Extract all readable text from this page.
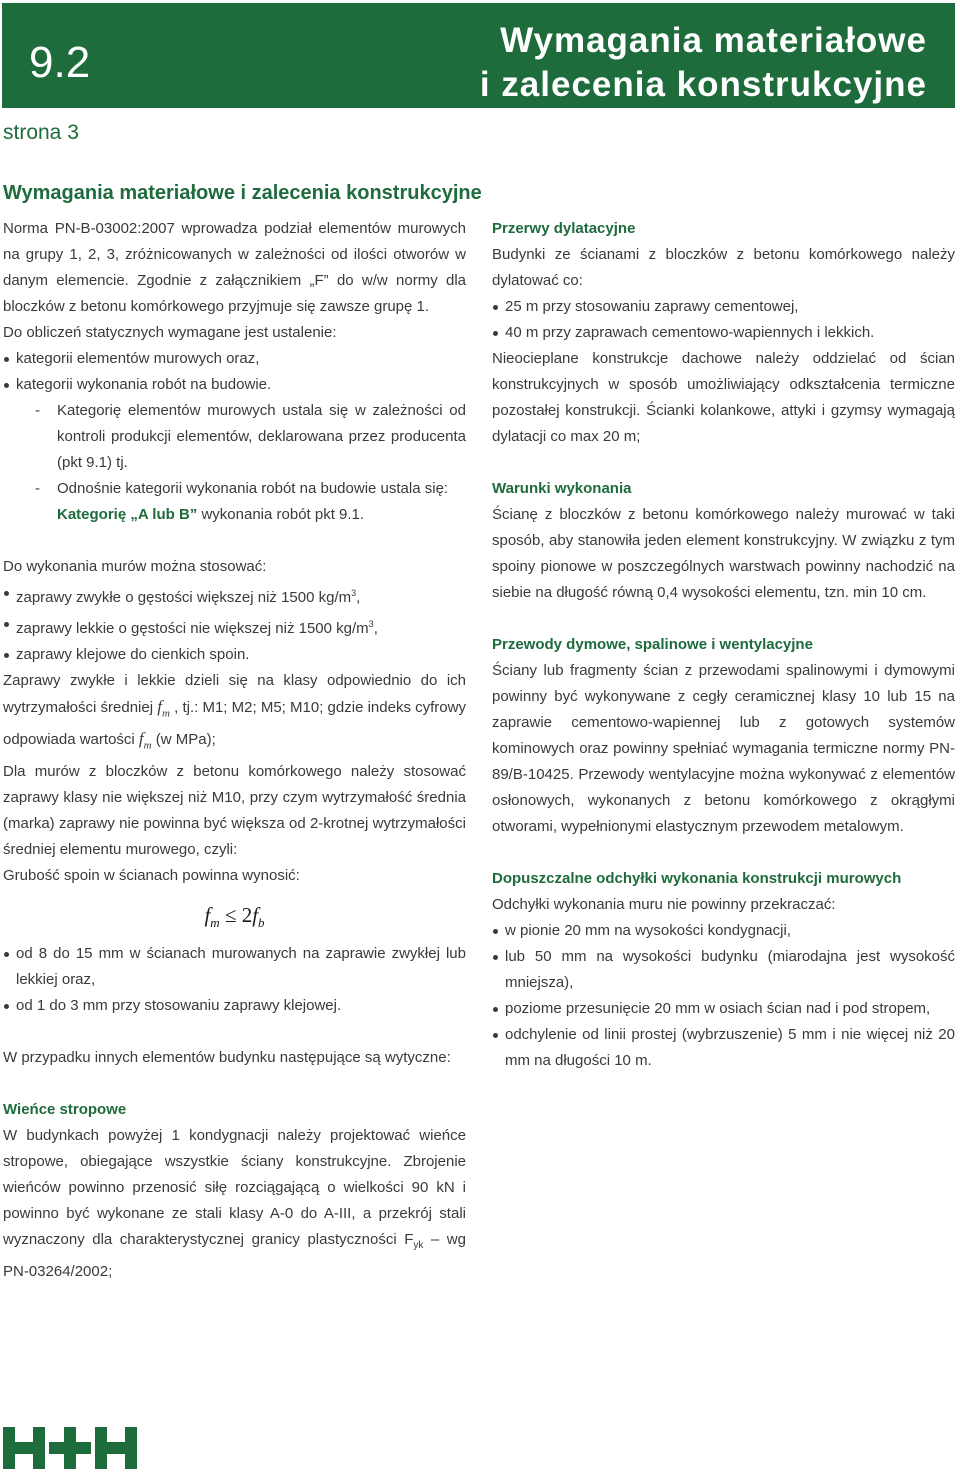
9.2	Wymagania materiałowe
i zalecenia konstrukcyjne
strona 3
Wymagania materiałowe i zalecenia konstrukcyjne

Norma PN-B-03002:2007 wprowadza podział elementów murowych na grupy 1, 2, 3, zróżnicowanych w zależności od ilości otworów w danym elemencie. Zgodnie z załącznikiem „F” do w/w normy dla bloczków z betonu komórkowego przyjmuje się zawsze grupę 1.

Do obliczeń statycznych wymagane jest ustalenie:

kategorii elementów murowych oraz,
kategorii wykonania robót na budowie.
- Kategorię elementów murowych ustala się w zależności od kontroli produkcji elementów, deklarowana przez producenta (pkt 9.1) tj.
- Odnośnie kategorii wykonania robót na budowie ustala się:
Kategorię „A lub B” wykonania robót pkt 9.1.

Do wykonania murów można stosować:

zaprawy zwykłe o gęstości większej niż 1500 $kg/m^3$,
zaprawy lekkie o gęstości nie większej niż 1500 $kg/m^3$,
zaprawy klejowe do cienkich spoin.

Zaprawy zwykłe i lekkie dzieli się na klasy odpowiednio do ich wytrzymałości średniej $f_m$ , tj.: M1; M2; M5; M10; gdzie indeks cyfrowy odpowiada wartości $f_m$ (w MPa);

Dla murów z bloczków z betonu komórkowego należy stosować zaprawy klasy nie większej niż M10, przy czym wytrzymałość średnia (marka) zaprawy nie powinna być większa od 2-krotnej wytrzymałości średniej elementu murowego, czyli:

Grubość spoin w ścianach powinna wynosić:

$f_m \le 2f_b$
od 8 do 15 mm w ścianach murowanych na zaprawie zwykłej lub lekkiej oraz,
od 1 do 3 mm przy stosowaniu zaprawy klejowej.

W przypadku innych elementów budynku następujące są wytyczne:

Wieńce stropowe

W budynkach powyżej 1 kondygnacji należy projektować wieńce stropowe, obiegające wszystkie ściany konstrukcyjne. Zbrojenie wieńców powinno przenosić siłę rozciągającą o wielkości 90 kN i powinno być wykonane ze stali klasy A-0 do A-III, a przekrój stali wyznaczony dla charakterystycznej granicy plastyczności $F_{yk}$ – wg PN-03264/2002;

Przerwy dylatacyjne

Budynki ze ścianami z bloczków z betonu komórkowego należy dylatować co:

25 m przy stosowaniu zaprawy cementowej,
40 m przy zaprawach cementowo-wapiennych i lekkich.

Nieocieplane konstrukcje dachowe należy oddzielać od ścian konstrukcyjnych w sposób umożliwiający odkształcenia termiczne pozostałej konstrukcji. Ścianki kolankowe, attyki i gzymsy wymagają dylatacji co max 20 m;

Warunki wykonania

Ścianę z bloczków z betonu komórkowego należy murować w taki sposób, aby stanowiła jeden element konstrukcyjny. W związku z tym spoiny pionowe w poszczególnych warstwach powinny nachodzić na siebie na długość równą 0,4 wysokości elementu, tzn. min 10 cm.

Przewody dymowe, spalinowe i wentylacyjne

Ściany lub fragmenty ścian z przewodami spalinowymi i dymowymi powinny być wykonywane z cegły ceramicznej klasy 10 lub 15 na zaprawie cementowo-wapiennej lub z gotowych systemów kominowych oraz powinny spełniać wymagania termiczne normy PN-89/B-10425. Przewody wentylacyjne można wykonywać z elementów osłonowych, wykonanych z betonu komórkowego z okrągłymi otworami, wypełnionymi elastycznym przewodem metalowym.

Dopuszczalne odchyłki wykonania konstrukcji murowych

Odchyłki wykonania muru nie powinny przekraczać:

w pionie 20 mm na wysokości kondygnacji,
lub 50 mm na wysokości budynku (miarodajna jest wysokość mniejsza),
poziome przesunięcie 20 mm w osiach ścian nad i pod stropem,
odchylenie od linii prostej (wybrzuszenie) 5 mm i nie więcej niż 20 mm na długości 10 m.
